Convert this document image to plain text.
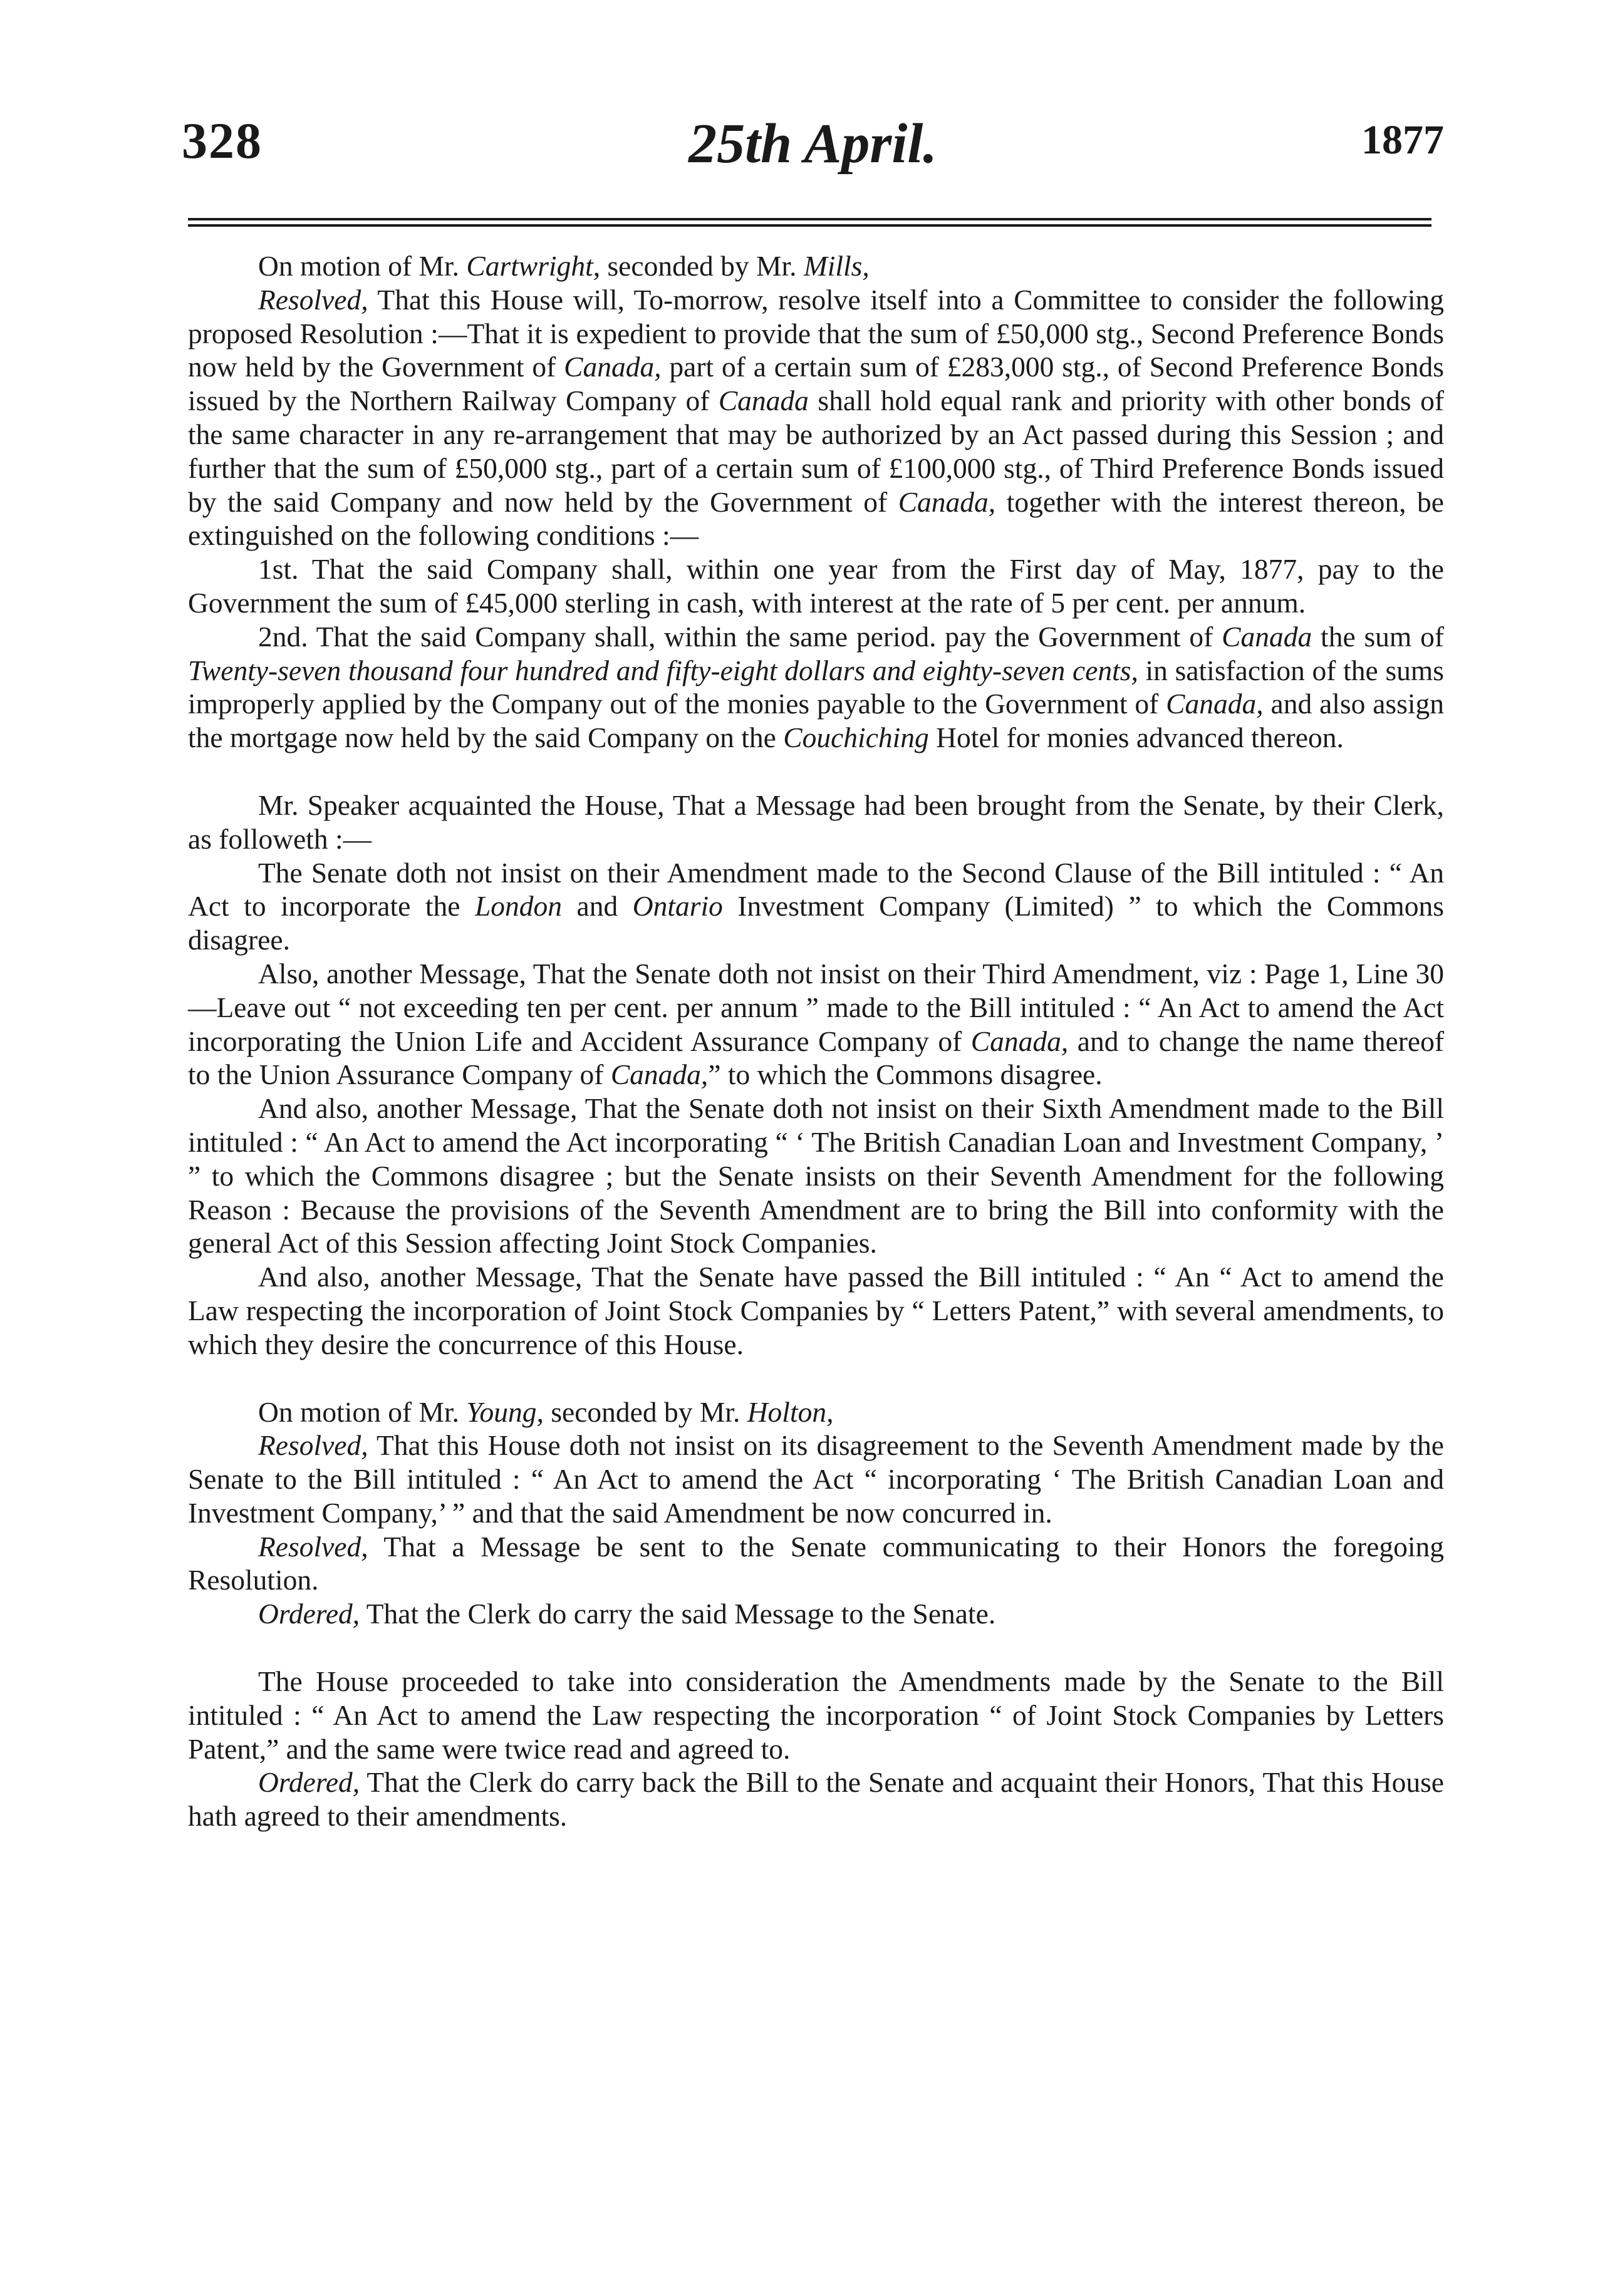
328	25th April.	1877

On motion of Mr. Cartwright, seconded by Mr. Mills,

Resolved, That this House will, To-morrow, resolve itself into a Committee to consider the following proposed Resolution :—That it is expedient to provide that the sum of £50,000 stg., Second Preference Bonds now held by the Government of Canada, part of a certain sum of £283,000 stg., of Second Preference Bonds issued by the Northern Railway Company of Canada shall hold equal rank and priority with other bonds of the same character in any re-arrangement that may be authorized by an Act passed during this Session ; and further that the sum of £50,000 stg., part of a certain sum of £100,000 stg., of Third Preference Bonds issued by the said Company and now held by the Government of Canada, together with the interest thereon, be extinguished on the following conditions :—

1st. That the said Company shall, within one year from the First day of May, 1877, pay to the Government the sum of £45,000 sterling in cash, with interest at the rate of 5 per cent. per annum.

2nd. That the said Company shall, within the same period. pay the Government of Canada the sum of Twenty-seven thousand four hundred and fifty-eight dollars and eighty-seven cents, in satisfaction of the sums improperly applied by the Company out of the monies payable to the Government of Canada, and also assign the mortgage now held by the said Company on the Couchiching Hotel for monies advanced thereon.

Mr. Speaker acquainted the House, That a Message had been brought from the Senate, by their Clerk, as followeth :—

The Senate doth not insist on their Amendment made to the Second Clause of the Bill intituled : “ An Act to incorporate the London and Ontario Investment Company (Limited) ” to which the Commons disagree.

Also, another Message, That the Senate doth not insist on their Third Amendment, viz : Page 1, Line 30—Leave out “ not exceeding ten per cent. per annum ” made to the Bill intituled : “ An Act to amend the Act incorporating the Union Life and Accident Assurance Company of Canada, and to change the name thereof to the Union Assurance Company of Canada,” to which the Commons disagree.

And also, another Message, That the Senate doth not insist on their Sixth Amendment made to the Bill intituled : “ An Act to amend the Act incorporating “ ‘ The British Canadian Loan and Investment Company, ’ ” to which the Commons disagree ; but the Senate insists on their Seventh Amendment for the following Reason : Because the provisions of the Seventh Amendment are to bring the Bill into conformity with the general Act of this Session affecting Joint Stock Companies.

And also, another Message, That the Senate have passed the Bill intituled : “ An “ Act to amend the Law respecting the incorporation of Joint Stock Companies by “ Letters Patent,” with several amendments, to which they desire the concurrence of this House.

On motion of Mr. Young, seconded by Mr. Holton,

Resolved, That this House doth not insist on its disagreement to the Seventh Amendment made by the Senate to the Bill intituled : “ An Act to amend the Act “ incorporating ‘ The British Canadian Loan and Investment Company,’ ” and that the said Amendment be now concurred in.

Resolved, That a Message be sent to the Senate communicating to their Honors the foregoing Resolution.

Ordered, That the Clerk do carry the said Message to the Senate.

The House proceeded to take into consideration the Amendments made by the Senate to the Bill intituled : “ An Act to amend the Law respecting the incorporation “ of Joint Stock Companies by Letters Patent,” and the same were twice read and agreed to.

Ordered, That the Clerk do carry back the Bill to the Senate and acquaint their Honors, That this House hath agreed to their amendments.
